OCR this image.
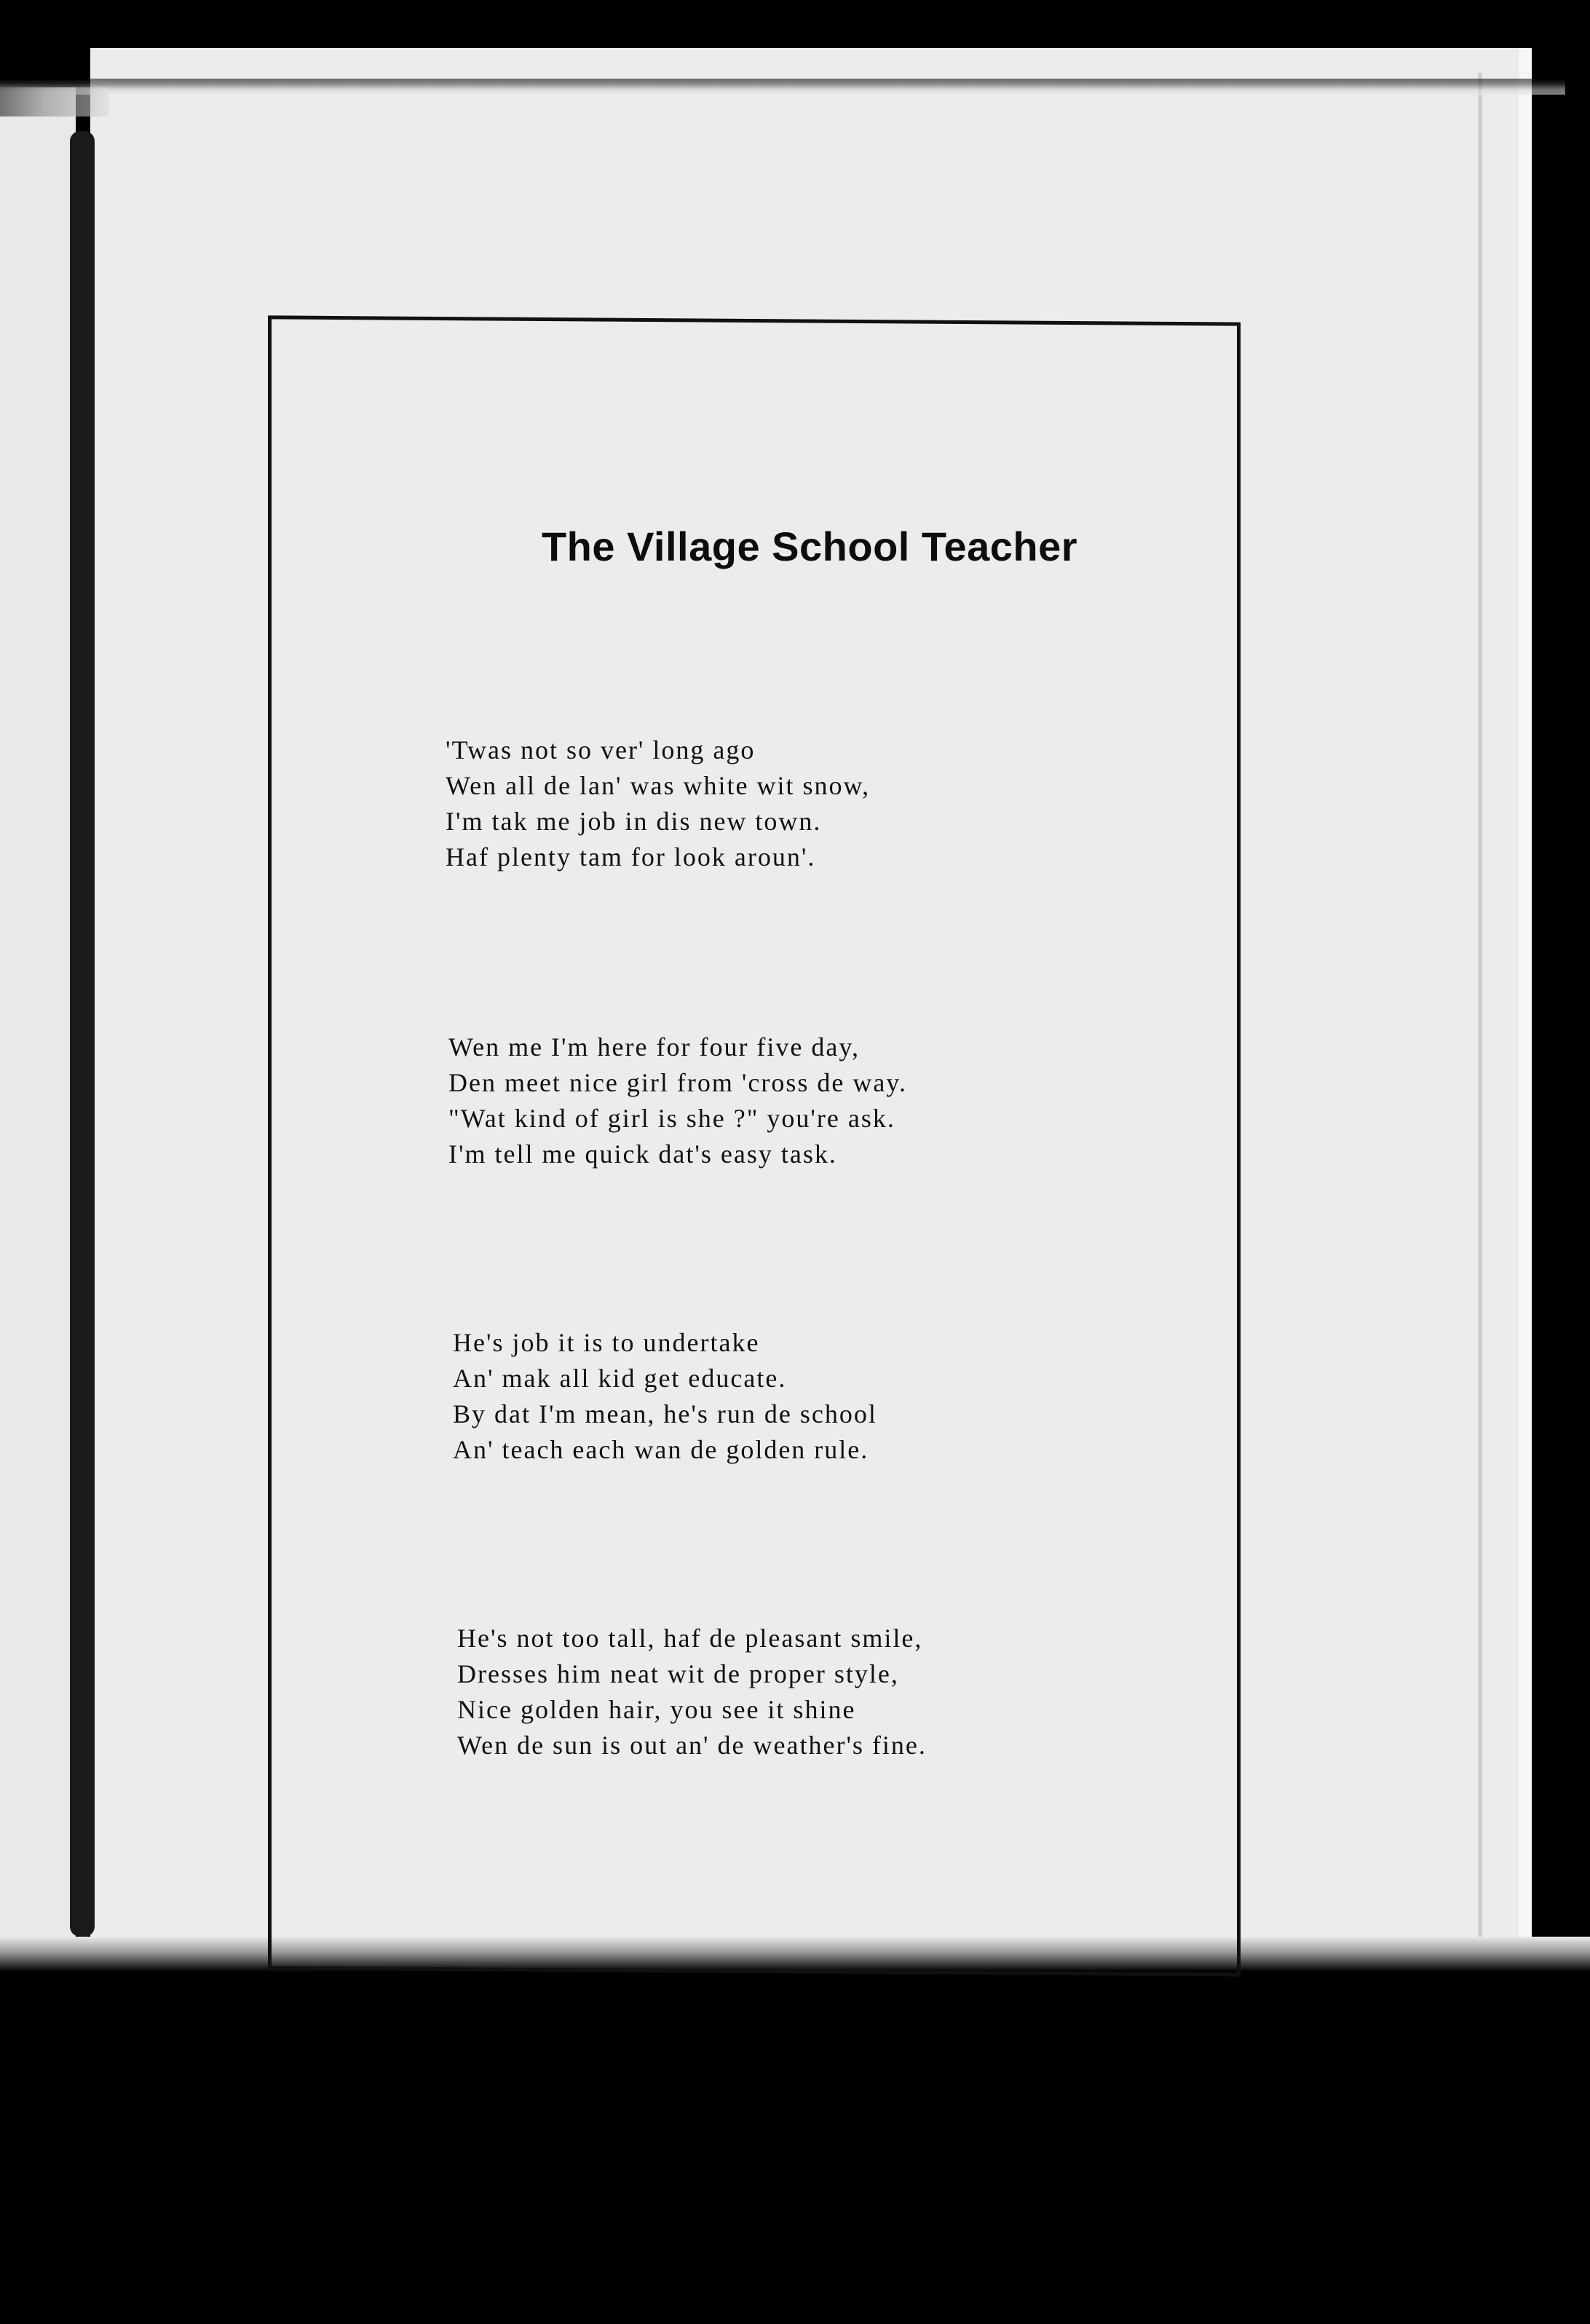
The Village School Teacher
'Twas not so ver' long ago
Wen all de lan' was white wit snow,
I'm tak me job in dis new town.
Haf plenty tam for look aroun'.
Wen me I'm here for four five day,
Den meet nice girl from 'cross de way.
"Wat kind of girl is she ?" you're ask.
I'm tell me quick dat's easy task.
He's job it is to undertake
An' mak all kid get educate.
By dat I'm mean, he's run de school
An' teach each wan de golden rule.
He's not too tall, haf de pleasant smile,
Dresses him neat wit de proper style,
Nice golden hair, you see it shine
Wen de sun is out an' de weather's fine.
